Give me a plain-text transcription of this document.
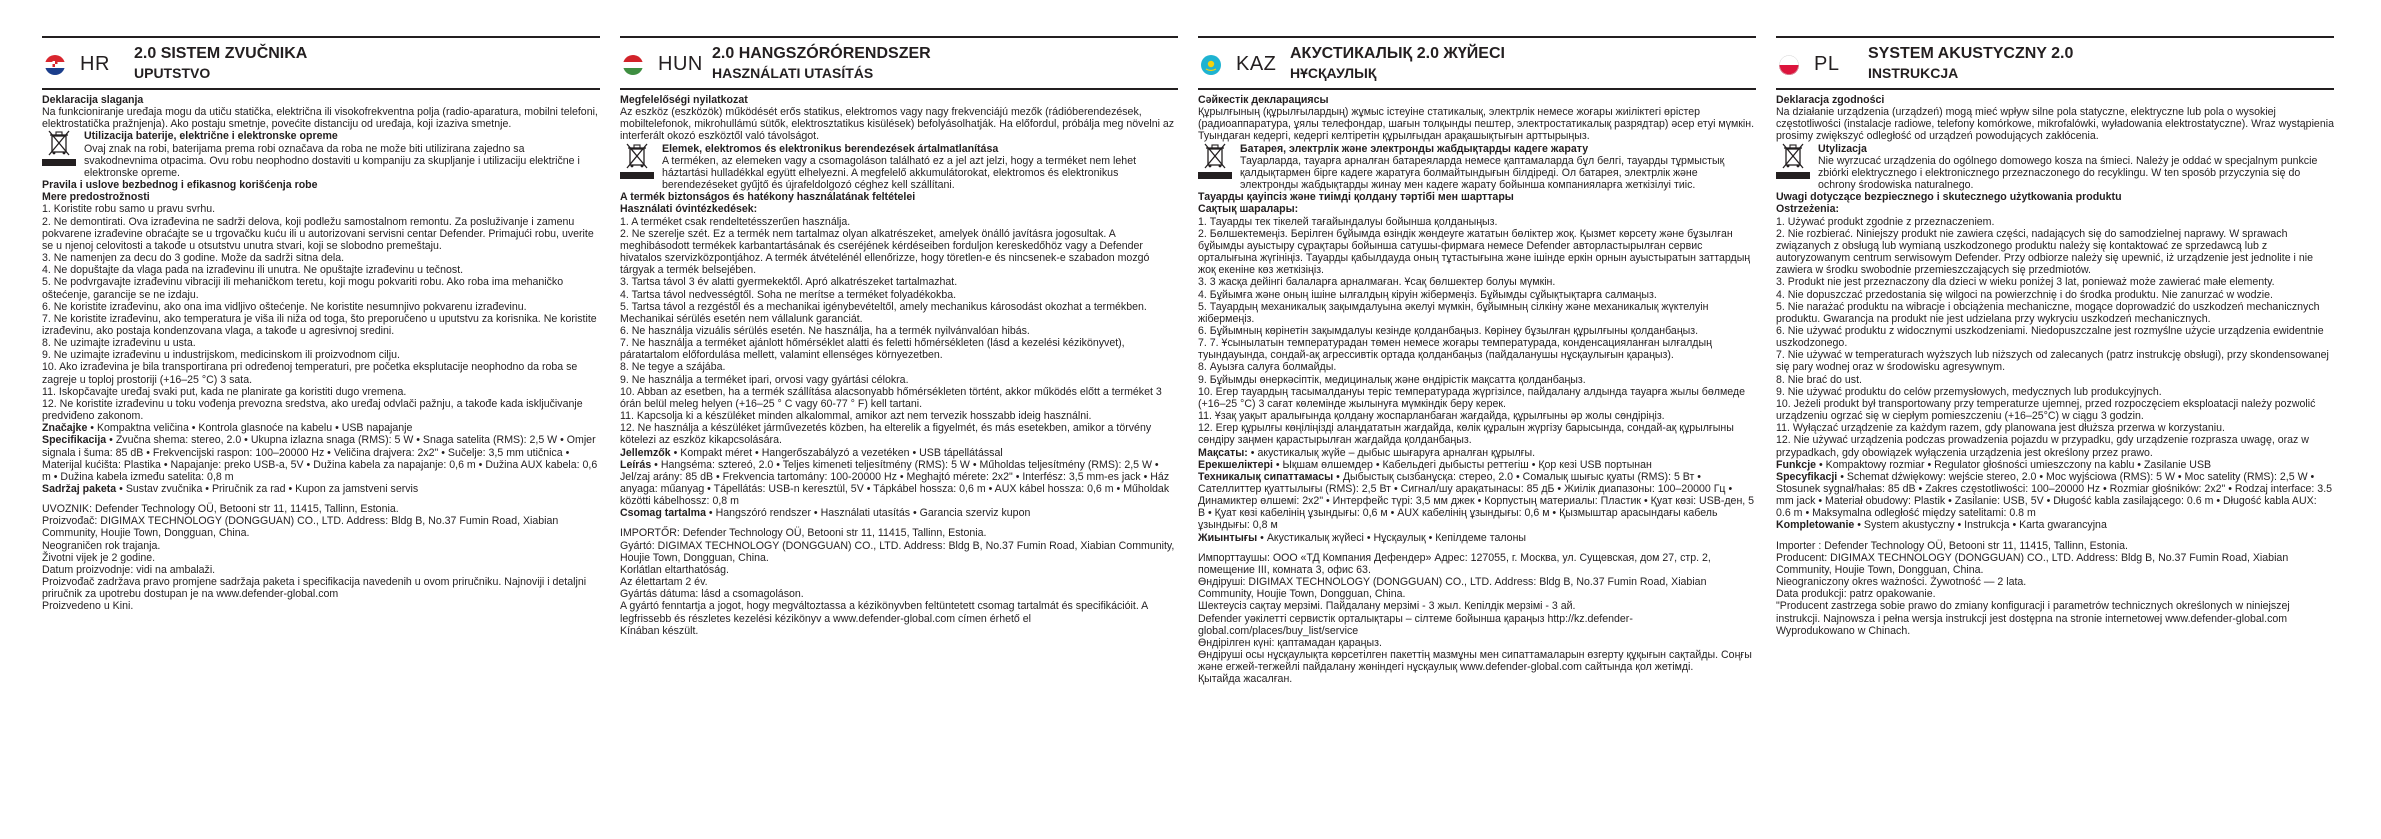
HR 2.0 SISTEM ZVUČNIKA
UPUTSTVO

Deklaracija slaganja

Na funkcioniranje uređaja mogu da utiču statička, električna ili visokofrekventna polja (radio-aparatura, mobilni telefoni, elektrostatička pražnjenja). Ako postaju smetnje, povećite distanciju od uređaja, koji izaziva smetnje.

Utilizacija baterije, električne i elektronske opreme

Ovaj znak na robi, baterijama prema robi označava da roba ne može biti utilizirana zajedno sa svakodnevnima otpacima. Ovu robu neophodno dostaviti u kompaniju za skupljanje i utilizaciju električne i elektronske opreme.

Pravila i uslove bezbednog i efikasnog korišćenja robe

Mere predostrožnosti

1. Koristite robu samo u pravu svrhu.

2. Ne demontirati. Ova izrađevina ne sadrži delova, koji podležu samostalnom remontu. Za posluživanje i zamenu pokvarene izrađevine obraćajte se u trgovačku kuću ili u autorizovani servisni centar Defender. Primajući robu, uverite se u njenoj celovitosti a takođe u otsutstvu unutra stvari, koji se slobodno premeštaju.

3. Ne namenjen za decu do 3 godine. Može da sadrži sitna dela.

4. Ne dopuštajte da vlaga pada na izrađevinu ili unutra. Ne opuštajte izrađevinu u tečnost.

5. Ne podvrgavajte izrađevinu vibraciji ili mehaničkom teretu, koji mogu pokvariti robu. Ako roba ima mehaničko oštećenje, garancije se ne izdaju.

6. Ne koristite izrađevinu, ako ona ima vidljivo oštećenje. Ne koristite nesumnjivo pokvarenu izrađevinu.

7. Ne koristite izrađevinu, ako temperatura je viša ili niža od toga, što preporučeno u uputstvu za korisnika. Ne koristite izrađevinu, ako postaja kondenzovana vlaga, a takođe u agresivnoj sredini.

8. Ne uzimajte izrađevinu u usta.

9. Ne uzimajte izrađevinu u industrijskom, medicinskom ili proizvodnom cilju.

10. Ako izrađevina je bila transportirana pri određenoj temperaturi, pre početka eksplutacije neophodno da roba se zagreje u toploj prostoriji (+16–25 °C) 3 sata.

11. Iskopčavajte uređaj svaki put, kada ne planirate ga koristiti dugo vremena.

12. Ne koristite izrađevinu u toku vođenja prevozna sredstva, ako uređaj odvlači pažnju, a takođe kada isključivanje predviđeno zakonom.

Značajke • Kompaktna veličina • Kontrola glasnoće na kabelu • USB napajanje

Specifikacija • Zvučna shema: stereo, 2.0 • Ukupna izlazna snaga (RMS): 5 W • Snaga satelita (RMS): 2,5 W • Omjer signala i šuma: 85 dB • Frekvencijski raspon: 100–20000 Hz • Veličina drajvera: 2x2" • Sučelje: 3,5 mm utičnica • Materijal kućišta: Plastika • Napajanje: preko USB-a, 5V • Dužina kabela za napajanje: 0,6 m • Dužina AUX kabela: 0,6 m • Dužina kabela između satelita: 0,8 m

Sadržaj paketa • Sustav zvučnika • Priručnik za rad • Kupon za jamstveni servis

UVOZNIK: Defender Technology OÜ, Betooni str 11, 11415, Tallinn, Estonia.

Proizvođač: DIGIMAX TECHNOLOGY (DONGGUAN) CO., LTD. Address: Bldg B, No.37 Fumin Road, Xiabian Community, Houjie Town, Dongguan, China.

Neograničen rok trajanja.

Životni vijek je 2 godine.

Datum proizvodnje: vidi na ambalaži.

Proizvođač zadržava pravo promjene sadržaja paketa i specifikacija navedenih u ovom priručniku. Najnoviji i detaljni priručnik za upotrebu dostupan je na www.defender-global.com

Proizvedeno u Kini.

HUN 2.0 HANGSZÓRÓRENDSZER
HASZNÁLATI UTASÍTÁS

Megfelelőségi nyilatkozat

Az eszköz (eszközök) működését erős statikus, elektromos vagy nagy frekvenciájú mezők (rádióberendezések, mobiltelefonok, mikrohullámú sütők, elektrosztatikus kisülések) befolyásolhatják. Ha előfordul, próbálja meg növelni az interferált okozó eszköztől való távolságot.

Elemek, elektromos és elektronikus berendezések ártalmatlanítása

A terméken, az elemeken vagy a csomagoláson található ez a jel azt jelzi, hogy a terméket nem lehet háztartási hulladékkal együtt elhelyezni. A megfelelő akkumulátorokat, elektromos és elektronikus berendezéseket gyűjtő és újrafeldolgozó céghez kell szállítani.

A termék biztonságos és hatékony használatának feltételei

Használati óvintézkedések:

1. A terméket csak rendeltetésszerűen használja.

2. Ne szerelje szét. Ez a termék nem tartalmaz olyan alkatrészeket, amelyek önálló javításra jogosultak. A meghibásodott termékek karbantartásának és cseréjének kérdéseiben forduljon kereskedőhöz vagy a Defender hivatalos szervizközpontjához. A termék átvételénél ellenőrizze, hogy töretlen-e és nincsenek-e szabadon mozgó tárgyak a termék belsejében.

3. Tartsa távol 3 év alatti gyermekektől. Apró alkatrészeket tartalmazhat.

4. Tartsa távol nedvességtől. Soha ne merítse a terméket folyadékokba.

5. Tartsa távol a rezgéstől és a mechanikai igénybevételtől, amely mechanikus károsodást okozhat a termékben. Mechanikai sérülés esetén nem vállalunk garanciát.

6. Ne használja vizuális sérülés esetén. Ne használja, ha a termék nyilvánvalóan hibás.

7. Ne használja a terméket ajánlott hőmérséklet alatti és feletti hőmérsékleten (lásd a kezelési kézikönyvet), páratartalom előfordulása mellett, valamint ellenséges környezetben.

8. Ne tegye a szájába.

9. Ne használja a terméket ipari, orvosi vagy gyártási célokra.

10. Abban az esetben, ha a termék szállítása alacsonyabb hőmérsékleten történt, akkor működés előtt a terméket 3 órán belül meleg helyen (+16–25 ° C vagy 60-77 ° F) kell tartani.

11. Kapcsolja ki a készüléket minden alkalommal, amikor azt nem tervezik hosszabb ideig használni.

12. Ne használja a készüléket járművezetés közben, ha elterelik a figyelmét, és más esetekben, amikor a törvény kötelezi az eszköz kikapcsolására.

Jellemzők • Kompakt méret • Hangerőszabályzó a vezetéken • USB tápellátással

Leírás • Hangséma: sztereó, 2.0 • Teljes kimeneti teljesítmény (RMS): 5 W • Műholdas teljesítmény (RMS): 2,5 W • Jel/zaj arány: 85 dB • Frekvencia tartomány: 100-20000 Hz • Meghajtó mérete: 2x2" • Interfész: 3,5 mm-es jack • Ház anyaga: műanyag • Tápellátás: USB-n keresztül, 5V • Tápkábel hossza: 0,6 m • AUX kábel hossza: 0,6 m • Műholdak közötti kábelhossz: 0,8 m

Csomag tartalma • Hangszóró rendszer • Használati utasítás • Garancia szerviz kupon

IMPORTŐR: Defender Technology OÜ, Betooni str 11, 11415, Tallinn, Estonia.

Gyártó: DIGIMAX TECHNOLOGY (DONGGUAN) CO., LTD. Address: Bldg B, No.37 Fumin Road, Xiabian Community, Houjie Town, Dongguan, China.

Korlátlan eltarthatóság.

Az élettartam 2 év.

Gyártás dátuma: lásd a csomagoláson.

A gyártó fenntartja a jogot, hogy megváltoztassa a kézikönyvben feltüntetett csomag tartalmát és specifikációit. A legfrissebb és részletes kezelési kézikönyv a www.defender-global.com címen érhető el

Kínában készült.

KAZ АКУСТИКАЛЫҚ 2.0 ЖҮЙЕСІ
НҰСҚАУЛЫҚ

Сәйкестік декларациясы

Құрылғының (құрылғылардың) жұмыс істеуіне статикалық, электрлік немесе жоғары жиіліктегі өрістер (радиоаппаратура, ұялы телефондар, шағын толқынды пештер, электростатикалық разрядтар) әсер етуі мүмкін. Туындаған кедергі, кедергі келтіретін құрылғыдан арақашықтығын арттырыңыз.

Батарея, электрлік және электронды жабдықтарды кадеге жарату

Тауарларда, тауарға арналған батареяларда немесе қаптамаларда бұл белгі, тауарды тұрмыстық қалдықтармен бірге кадеге жаратуға болмайтындығын білдіреді. Ол батарея, электрлік және электронды жабдықтарды жинау мен кадеге жарату бойынша компанияларға жеткізілуі тиіс.

Тауарды қауіпсіз және тиімді қолдану тәртібі мен шарттары

Сақтық шаралары:

1. Тауарды тек тікелей тағайындалуы бойынша қолданыңыз.

2. Бөлшектемеңіз. Берілген бұйымда өзіндік жөндеуге жататын бөліктер жоқ. Қызмет көрсету және бұзылған бұйымды ауыстыру сұрақтары бойынша сатушы-фирмаға немесе Defender авторластырылған сервис орталығына жүгініңіз. Тауарды қабылдауда оның тұтастығына және ішінде еркін орнын ауыстыратын заттардың жоқ екеніне көз жеткізіңіз.

3. 3 жасқа дейінгі балаларға арналмаған. Ұсақ бөлшектер болуы мүмкін.

4. Бұйымға және оның ішіне ылғалдың кіруін жібермеңіз. Бұйымды сұйықтықтарға салмаңыз.

5. Тауардың механикалық зақымдалуына әкелуі мүмкін, бұйымның сілкіну және механикалық жүктелуін жібермеңіз.

6. Бұйымның көрінетін зақымдалуы кезінде қолданбаңыз. Көрінеу бұзылған құрылғыны қолданбаңыз.

7. 7. Ұсынылатын температурадан төмен немесе жоғары температурада, конденсацияланған ылғалдың туындауында, сондай-ақ агрессивтік ортада қолданбаңыз (пайдаланушы нұсқаулығын қараңыз).

8. Ауызға салуға болмайды.

9. Бұйымды өнеркәсіптік, медициналық және өндірістік мақсатта қолданбаңыз.

10. Егер тауардың тасымалдануы теріс температурада жүргізілсе, пайдалану алдында тауарға жылы бөлмеде (+16–25 °C) 3 сағат көлемінде жылынуға мүмкіндік беру керек.

11. Ұзақ уақыт аралығында қолдану жоспарланбаған жағдайда, құрылғыны әр жолы сөндіріңіз.

12. Егер құрылғы көңіліңізді алаңдататын жағдайда, көлік құралын жүргізу барысында, сондай-ақ құрылғыны сөндіру заңмен қарастырылған жағдайда қолданбаңыз.

Мақсаты: • акустикалық жүйе – дыбыс шығаруға арналған құрылғы.

Ерекшеліктері • Ықшам өлшемдер • Кабельдегі дыбысты реттегіш • Қор кезі USB портынан

Техникалық сипаттамасы • Дыбыстық сызбанұсқа: стерео, 2.0 • Сомалық шығыс қуаты (RMS): 5 Вт • Сателлиттер қуаттылығы (RMS): 2,5 Вт • Сигнал/шу арақатынасы: 85 дБ • Жиілік диапазоны: 100–20000 Гц • Динамиктер өлшемі: 2x2" • Интерфейс түрі: 3,5 мм джек • Корпустың материалы: Пластик • Қуат көзі: USB-ден, 5 В • Қуат көзі кабелінің ұзындығы: 0,6 м • AUX кабелінің ұзындығы: 0,6 м • Қызмыштар арасындағы кабель ұзындығы: 0,8 м

Жиынтығы • Акустикалық жүйесі • Нұсқаулық • Кепілдеме талоны

Импорттаушы: ООО «ТД Компания Дефендер» Адрес: 127055, г. Москва, ул. Сущевская, дом 27, стр. 2, помещение III, комната 3, офис 63.

Өндіруші: DIGIMAX TECHNOLOGY (DONGGUAN) CO., LTD. Address: Bldg B, No.37 Fumin Road, Xiabian Community, Houjie Town, Dongguan, China.

Шектеусіз сақтау мерзімі. Пайдалану мерзімі - 3 жыл. Кепілдік мерзімі - 3 ай.

Defender уәкілетті сервистік орталықтары – сілтеме бойынша қараңыз http://kz.defender-global.com/places/buy_list/service

Өндірілген күні: қаптамадан қараңыз.

Өндіруші осы нұсқаулықта көрсетілген пакеттің мазмұны мен сипаттамаларын өзгерту құқығын сақтайды. Соңғы және егжей-тегжейлі пайдалану жөніндегі нұсқаулық www.defender-global.com сайтында қол жетімді.

Қытайда жасалған.

PL SYSTEM AKUSTYCZNY 2.0
INSTRUKCJA

Deklaracja zgodności

Na działanie urządzenia (urządzeń) mogą mieć wpływ silne pola statyczne, elektryczne lub pola o wysokiej częstotliwości (instalacje radiowe, telefony komórkowe, mikrofalówki, wyładowania elektrostatyczne). Wraz wystąpienia prosimy zwiększyć odległość od urządzeń powodujących zakłócenia.

Utylizacja

Nie wyrzucać urządzenia do ogólnego domowego kosza na śmieci. Należy je oddać w specjalnym punkcie zbiórki elektrycznego i elektronicznego przeznaczonego do recyklingu. W ten sposób przyczynia się do ochrony środowiska naturalnego.

Uwagi dotyczące bezpiecznego i skutecznego użytkowania produktu

Ostrzeżenia:

1. Używać produkt zgodnie z przeznaczeniem.

2. Nie rozbierać. Niniejszy produkt nie zawiera części, nadających się do samodzielnej naprawy. W sprawach związanych z obsługą lub wymianą uszkodzonego produktu należy się kontaktować ze sprzedawcą lub z autoryzowanym centrum serwisowym Defender. Przy odbiorze należy się upewnić, iż urządzenie jest jednolite i nie zawiera w środku swobodnie przemieszczających się przedmiotów.

3. Produkt nie jest przeznaczony dla dzieci w wieku poniżej 3 lat, ponieważ może zawierać małe elementy.

4. Nie dopuszczać przedostania się wilgoci na powierzchnię i do środka produktu. Nie zanurzać w wodzie.

5. Nie narażać produktu na wibracje i obciążenia mechaniczne, mogące doprowadzić do uszkodzeń mechanicznych produktu. Gwarancja na produkt nie jest udzielana przy wykryciu uszkodzeń mechanicznych.

6. Nie używać produktu z widocznymi uszkodzeniami. Niedopuszczalne jest rozmyślne użycie urządzenia ewidentnie uszkodzonego.

7. Nie używać w temperaturach wyższych lub niższych od zalecanych (patrz instrukcję obsługi), przy skondensowanej się pary wodnej oraz w środowisku agresywnym.

8. Nie brać do ust.

9. Nie używać produktu do celów przemysłowych, medycznych lub produkcyjnych.

10. Jeżeli produkt był transportowany przy temperaturze ujemnej, przed rozpoczęciem eksploatacji należy pozwolić urządzeniu ogrzać się w ciepłym pomieszczeniu (+16–25°C) w ciągu 3 godzin.

11. Wyłączać urządzenie za każdym razem, gdy planowana jest dłuższa przerwa w korzystaniu.

12. Nie używać urządzenia podczas prowadzenia pojazdu w przypadku, gdy urządzenie rozprasza uwagę, oraz w przypadkach, gdy obowiązek wyłączenia urządzenia jest określony przez prawo.

Funkcje • Kompaktowy rozmiar • Regulator głośności umieszczony na kablu • Zasilanie USB

Specyfikacji • Schemat dźwiękowy: wejście stereo, 2.0 • Moc wyjściowa (RMS): 5 W • Moc satelity (RMS): 2,5 W • Stosunek sygnał/hałas: 85 dB • Zakres częstotliwości: 100–20000 Hz • Rozmiar głośników: 2x2" • Rodzaj interface: 3.5 mm jack • Materiał obudowy: Plastik • Zasilanie: USB, 5V • Długość kabla zasilającego: 0.6 m • Długość kabla AUX: 0.6 m • Maksymalna odległość między satelitami: 0.8 m

Kompletowanie • System akustyczny • Instrukcja • Karta gwarancyjna

Importer : Defender Technology OÜ, Betooni str 11, 11415, Tallinn, Estonia.

Producent: DIGIMAX TECHNOLOGY (DONGGUAN) CO., LTD. Address: Bldg B, No.37 Fumin Road, Xiabian Community, Houjie Town, Dongguan, China.

Nieograniczony okres ważności. Żywotność — 2 lata.

Data produkcji: patrz opakowanie.

"Producent zastrzega sobie prawo do zmiany konfiguracji i parametrów technicznych określonych w niniejszej instrukcji. Najnowsza i pełna wersja instrukcji jest dostępna na stronie internetowej www.defender-global.com

Wyprodukowano w Chinach.
